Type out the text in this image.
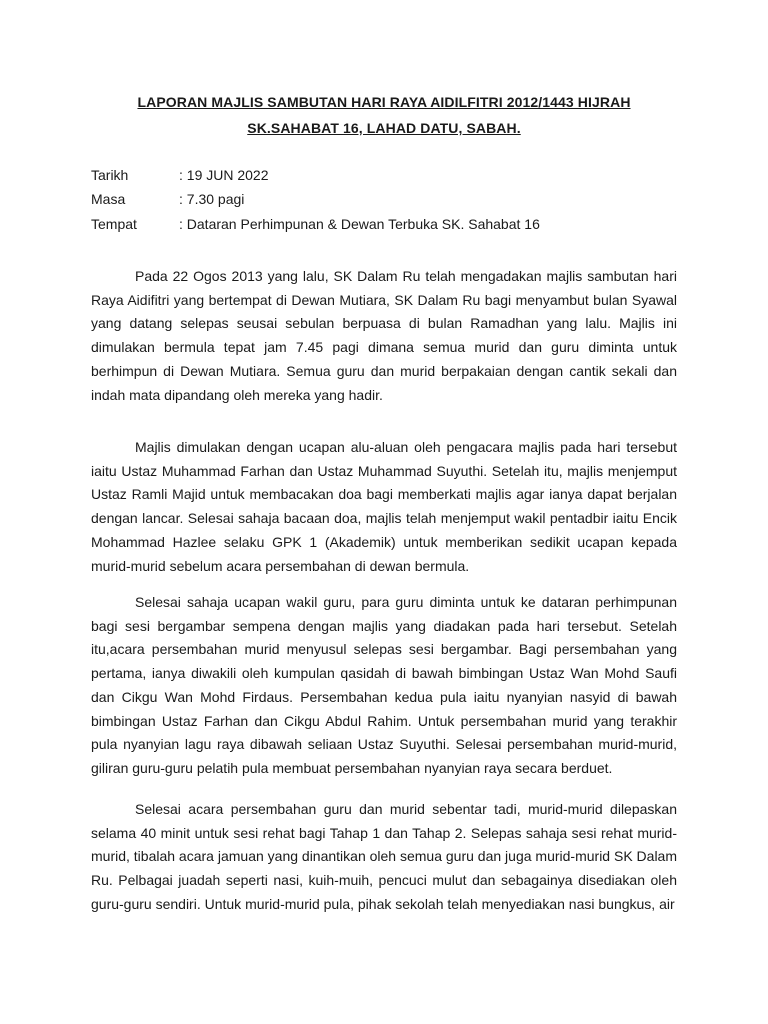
LAPORAN MAJLIS SAMBUTAN HARI RAYA AIDILFITRI 2012/1443 HIJRAH
SK.SAHABAT 16, LAHAD DATU, SABAH.
Tarikh	: 19 JUN 2022
Masa	: 7.30 pagi
Tempat	: Dataran Perhimpunan & Dewan Terbuka SK. Sahabat 16

Pada 22 Ogos 2013 yang lalu, SK Dalam Ru telah mengadakan majlis sambutan hari Raya Aidifitri yang bertempat di Dewan Mutiara, SK Dalam Ru bagi menyambut bulan Syawal yang datang selepas seusai sebulan berpuasa di bulan Ramadhan yang lalu. Majlis ini dimulakan bermula tepat jam 7.45 pagi dimana semua murid dan guru diminta untuk berhimpun di Dewan Mutiara. Semua guru dan murid berpakaian dengan cantik sekali dan indah mata dipandang oleh mereka yang hadir.

Majlis dimulakan dengan ucapan alu-aluan oleh pengacara majlis pada hari tersebut iaitu Ustaz Muhammad Farhan dan Ustaz Muhammad Suyuthi. Setelah itu, majlis menjemput Ustaz Ramli Majid untuk membacakan doa bagi memberkati majlis agar ianya dapat berjalan dengan lancar. Selesai sahaja bacaan doa, majlis telah menjemput wakil pentadbir iaitu Encik Mohammad Hazlee selaku GPK 1 (Akademik) untuk memberikan sedikit ucapan kepada murid-murid sebelum acara persembahan di dewan bermula.

Selesai sahaja ucapan wakil guru, para guru diminta untuk ke dataran perhimpunan bagi sesi bergambar sempena dengan majlis yang diadakan pada hari tersebut. Setelah itu,acara persembahan murid menyusul selepas sesi bergambar. Bagi persembahan yang pertama, ianya diwakili oleh kumpulan qasidah di bawah bimbingan Ustaz Wan Mohd Saufi dan Cikgu Wan Mohd Firdaus. Persembahan kedua pula iaitu nyanyian nasyid di bawah bimbingan Ustaz Farhan dan Cikgu Abdul Rahim. Untuk persembahan murid yang terakhir pula nyanyian lagu raya dibawah seliaan Ustaz Suyuthi. Selesai persembahan murid-murid, giliran guru-guru pelatih pula membuat persembahan nyanyian raya secara berduet.

Selesai acara persembahan guru dan murid sebentar tadi, murid-murid dilepaskan selama 40 minit untuk sesi rehat bagi Tahap 1 dan Tahap 2. Selepas sahaja sesi rehat murid-murid, tibalah acara jamuan yang dinantikan oleh semua guru dan juga murid-murid SK Dalam Ru. Pelbagai juadah seperti nasi, kuih-muih, pencuci mulut dan sebagainya disediakan oleh guru-guru sendiri. Untuk murid-murid pula, pihak sekolah telah menyediakan nasi bungkus, air
